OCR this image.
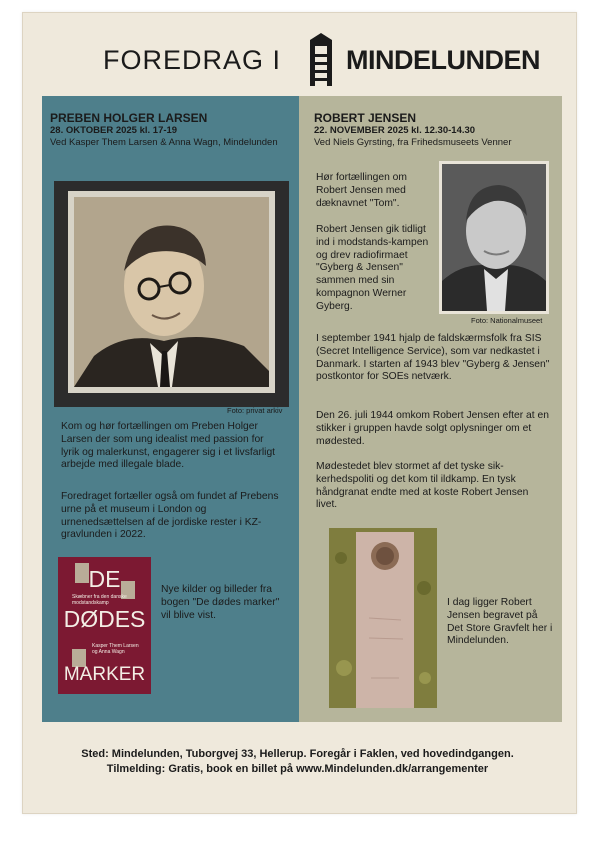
FOREDRAG I MINDELUNDEN
PREBEN HOLGER LARSEN
28. OKTOBER 2025 kl. 17-19
Ved Kasper Them Larsen & Anna Wagn, Mindelunden
Foto: privat arkiv

Kom og hør fortællingen om Preben Holger Larsen der som ung idealist med passion for lyrik og malerkunst, engagerer sig i et livsfarligt arbejde med illegale blade.

Foredraget fortæller også om fundet af Prebens urne på et museum i London og urnenedsættelsen af de jordiske rester i KZ-gravlunden i 2022.

DE
Skæbner fra den danske modstandskamp
DØDES
Kasper Them Larsen og Anna Wagn
MARKER

Nye kilder og billeder fra bogen "De dødes marker" vil blive vist.

ROBERT JENSEN
22. NOVEMBER 2025 kl. 12.30-14.30
Ved Niels Gyrsting, fra Frihedsmuseets Venner

Hør fortællingen om Robert Jensen med dæknavnet "Tom".

Foto: Nationalmuseet

Robert Jensen gik tidligt ind i modstands-kampen og drev radiofirmaet "Gyberg & Jensen" sammen med sin kompagnon Werner Gyberg.

I september 1941 hjalp de faldskærmsfolk fra SIS (Secret Intelligence Service), som var nedkastet i Danmark. I starten af 1943 blev "Gyberg & Jensen" postkontor for SOEs netværk.

Den 26. juli 1944 omkom Robert Jensen efter at en stikker i gruppen havde solgt oplysninger om et mødested.

Mødestedet blev stormet af det tyske sik-kerhedspoliti og det kom til ildkamp. En tysk håndgranat endte med at koste Robert Jensen livet.

I dag ligger Robert Jensen begravet på Det Store Gravfelt her i Mindelunden.

Sted: Mindelunden, Tuborgvej 33, Hellerup. Foregår i Faklen, ved hovedindgangen.
Tilmelding: Gratis, book en billet på www.Mindelunden.dk/arrangementer
